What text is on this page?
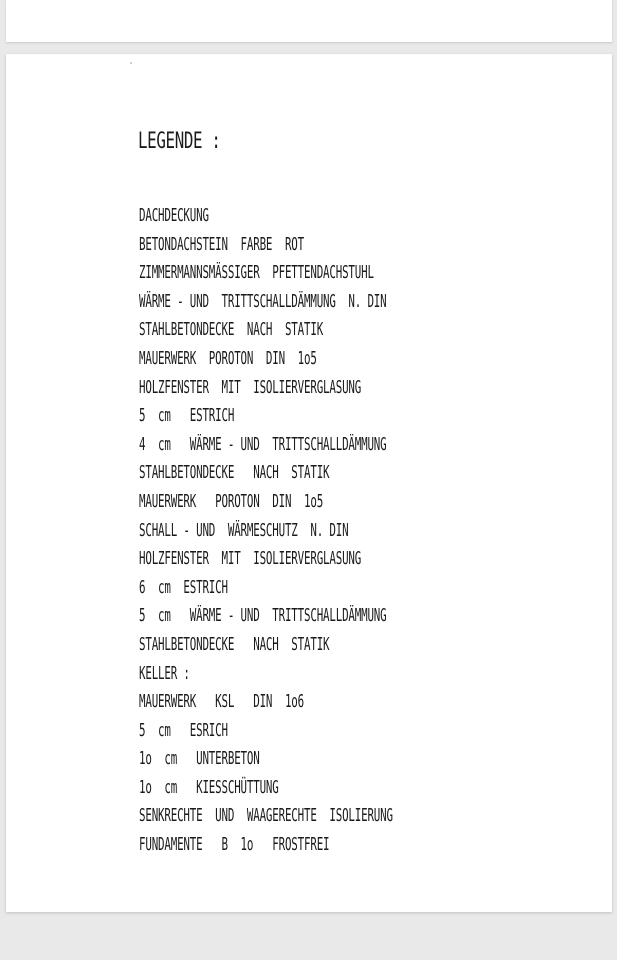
LEGENDE :
DACHDECKUNG
BETONDACHSTEIN  FARBE  ROT
ZIMMERMANNSMÄSSIGER  PFETTENDACHSTUHL
WÄRME - UND  TRITTSCHALLDÄMMUNG  N. DIN
STAHLBETONDECKE  NACH  STATIK
MAUERWERK  POROTON  DIN  1o5
HOLZFENSTER  MIT  ISOLIERVERGLASUNG
5  cm   ESTRICH
4  cm   WÄRME - UND  TRITTSCHALLDÄMMUNG
STAHLBETONDECKE   NACH  STATIK
MAUERWERK   POROTON  DIN  1o5
SCHALL - UND  WÄRMESCHUTZ  N. DIN
HOLZFENSTER  MIT  ISOLIERVERGLASUNG
6  cm  ESTRICH
5  cm   WÄRME - UND  TRITTSCHALLDÄMMUNG
STAHLBETONDECKE   NACH  STATIK
KELLER :
MAUERWERK   KSL   DIN  1o6
5  cm   ESRICH
1o  cm   UNTERBETON
1o  cm   KIESSCHÜTTUNG
SENKRECHTE  UND  WAAGERECHTE  ISOLIERUNG
FUNDAMENTE   B  1o   FROSTFREI
